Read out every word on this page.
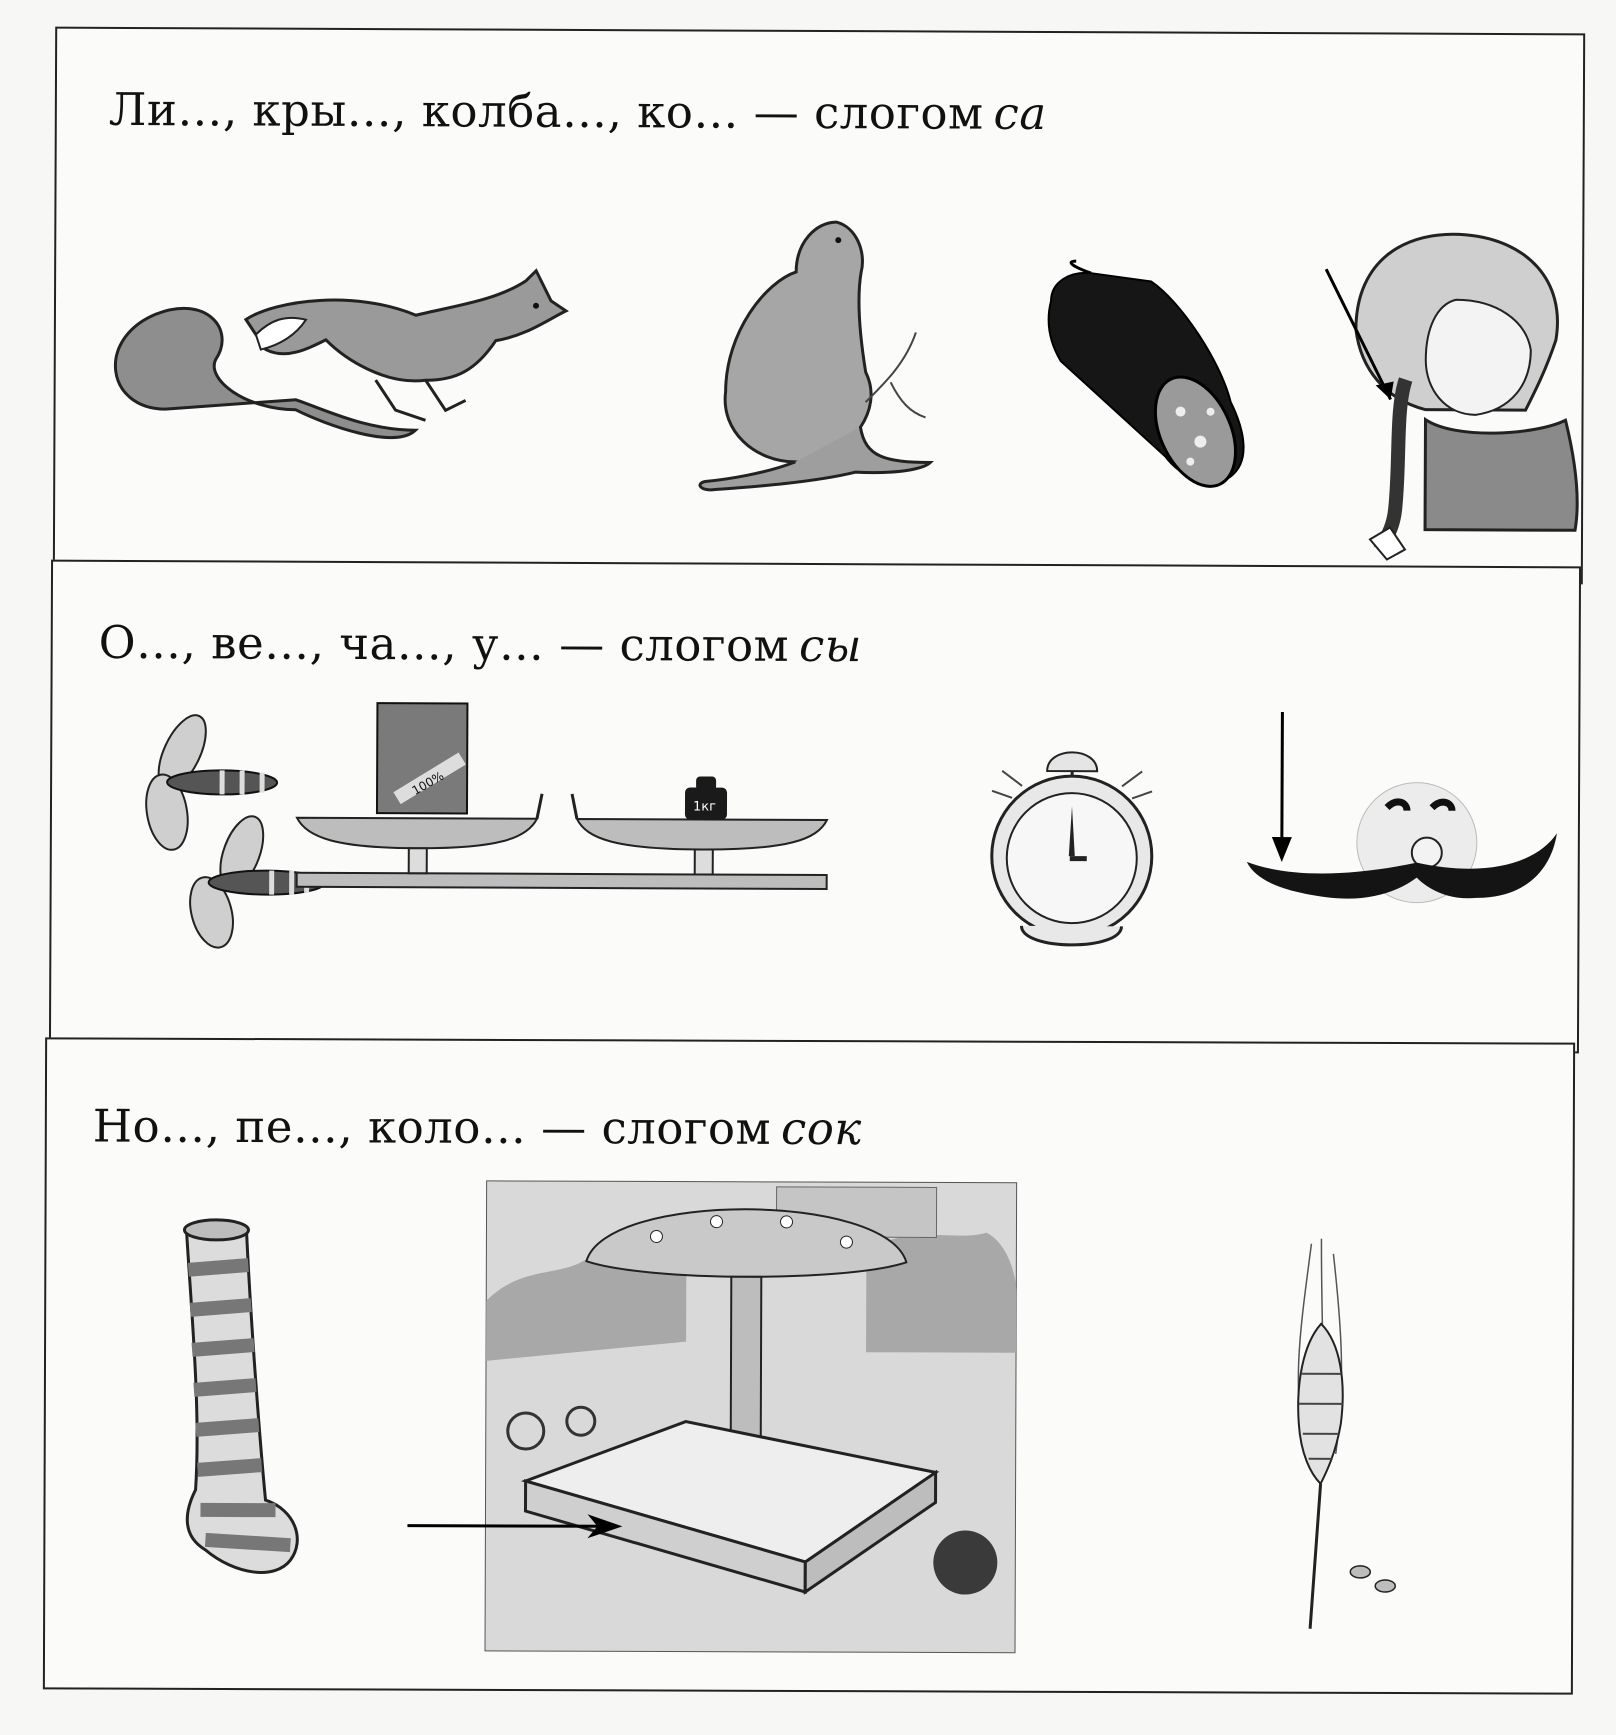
Ли…, кры…, колба…, ко… — слогом са
О…, ве…, ча…, у… — слогом сы
100%
1кг
Но…, пе…, коло… — слогом сок
